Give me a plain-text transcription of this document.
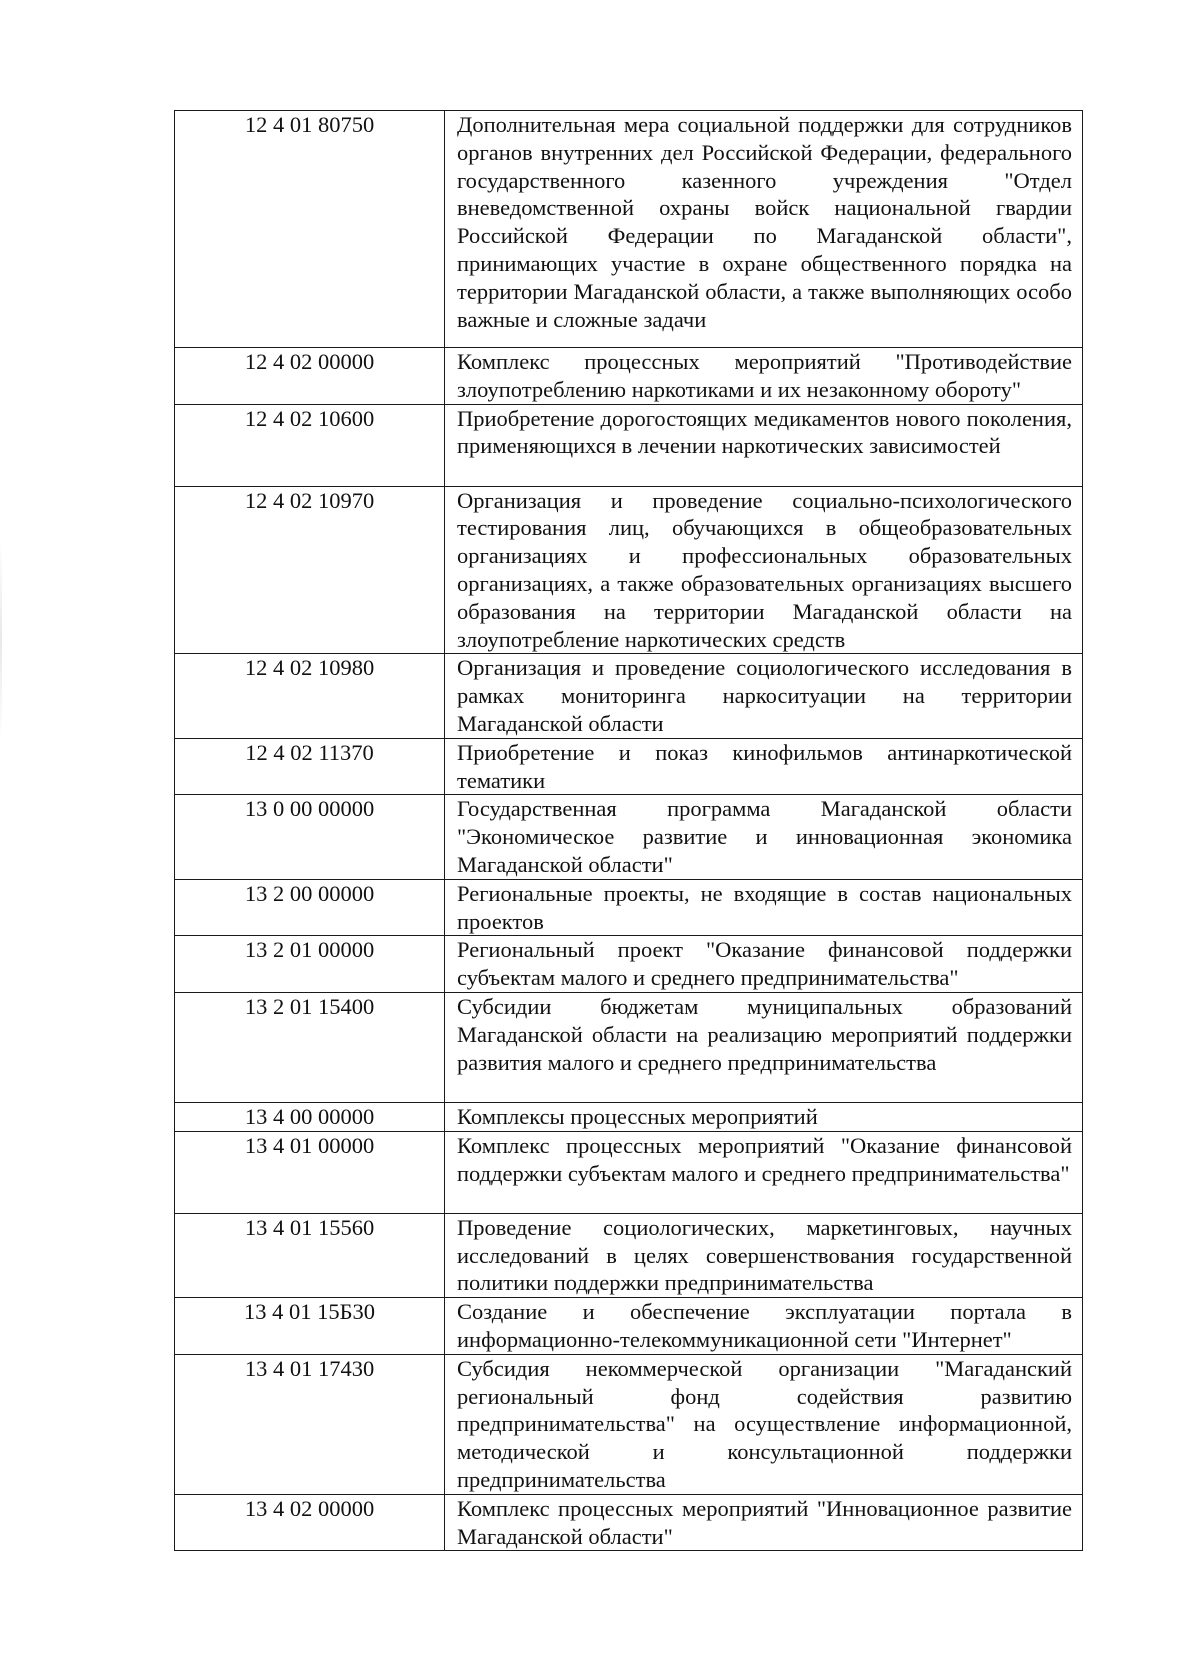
12 4 01 80750	Дополнительная мера социальной поддержки для сотрудников органов внутренних дел Российской Федерации, федерального государственного казенного учреждения "Отдел вневедомственной охраны войск национальной гвардии Российской Федерации по Магаданской области", принимающих участие в охране общественного порядка на территории Магаданской области, а также выполняющих особо важные и сложные задачи
12 4 02 00000	Комплекс процессных мероприятий "Противодействие злоупотреблению наркотиками и их незаконному обороту"
12 4 02 10600	Приобретение дорогостоящих медикаментов нового поколения, применяющихся в лечении наркотических зависимостей
12 4 02 10970	Организация и проведение социально-психологического тестирования лиц, обучающихся в общеобразовательных организациях и профессиональных образовательных организациях, а также образовательных организациях высшего образования на территории Магаданской области на злоупотребление наркотических средств
12 4 02 10980	Организация и проведение социологического исследования в рамках мониторинга наркоситуации на территории Магаданской области
12 4 02 11370	Приобретение и показ кинофильмов антинаркотической тематики
13 0 00 00000	Государственная программа Магаданской области "Экономическое развитие и инновационная экономика Магаданской области"
13 2 00 00000	Региональные проекты, не входящие в состав национальных проектов
13 2 01 00000	Региональный проект "Оказание финансовой поддержки субъектам малого и среднего предпринимательства"
13 2 01 15400	Субсидии бюджетам муниципальных образований Магаданской области на реализацию мероприятий поддержки развития малого и среднего предпринимательства
13 4 00 00000	Комплексы процессных мероприятий
13 4 01 00000	Комплекс процессных мероприятий "Оказание финансовой поддержки субъектам малого и среднего предпринимательства"
13 4 01 15560	Проведение социологических, маркетинговых, научных исследований в целях совершенствования государственной политики поддержки предпринимательства
13 4 01 15Б30	Создание и обеспечение эксплуатации портала в информационно-телекоммуникационной сети "Интернет"
13 4 01 17430	Субсидия некоммерческой организации "Магаданский региональный фонд содействия развитию предпринимательства" на осуществление информационной, методической и консультационной поддержки предпринимательства
13 4 02 00000	Комплекс процессных мероприятий "Инновационное развитие Магаданской области"
